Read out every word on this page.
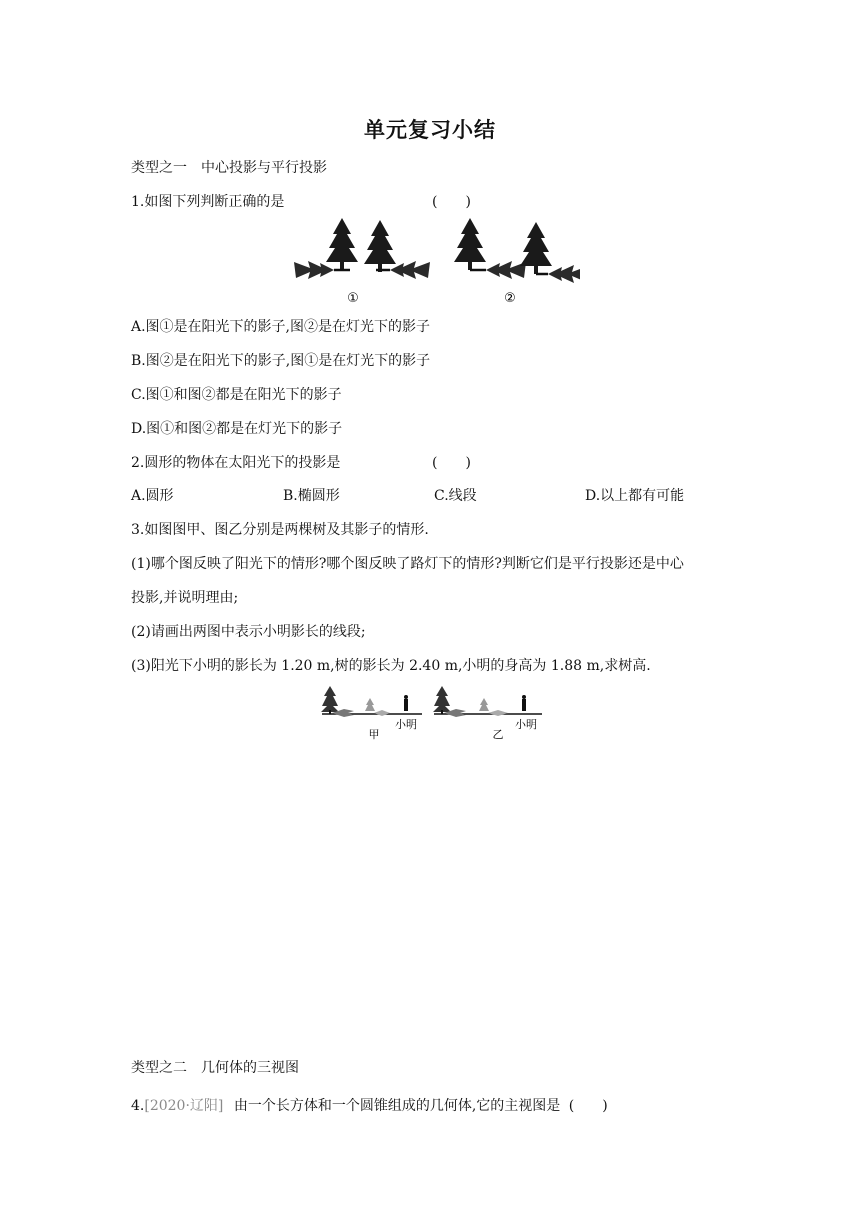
单元复习小结
类型之一　中心投影与平行投影
1.如图下列判断正确的是	(　　)
①	②
A.图①是在阳光下的影子,图②是在灯光下的影子
B.图②是在阳光下的影子,图①是在灯光下的影子
C.图①和图②都是在阳光下的影子
D.图①和图②都是在灯光下的影子
2.圆形的物体在太阳光下的投影是	(　　)
A.圆形	B.椭圆形	C.线段	D.以上都有可能
3.如图图甲、图乙分别是两棵树及其影子的情形.
(1)哪个图反映了阳光下的情形?哪个图反映了路灯下的情形?判断它们是平行投影还是中心
投影,并说明理由;
(2)请画出两图中表示小明影长的线段;
(3)阳光下小明的影长为 1.20 m,树的影长为 2.40 m,小明的身高为 1.88 m,求树高.
甲
小明
乙
小明
类型之二　几何体的三视图
4.[2020·辽阳] 由一个长方体和一个圆锥组成的几何体,它的主视图是 (　　)
